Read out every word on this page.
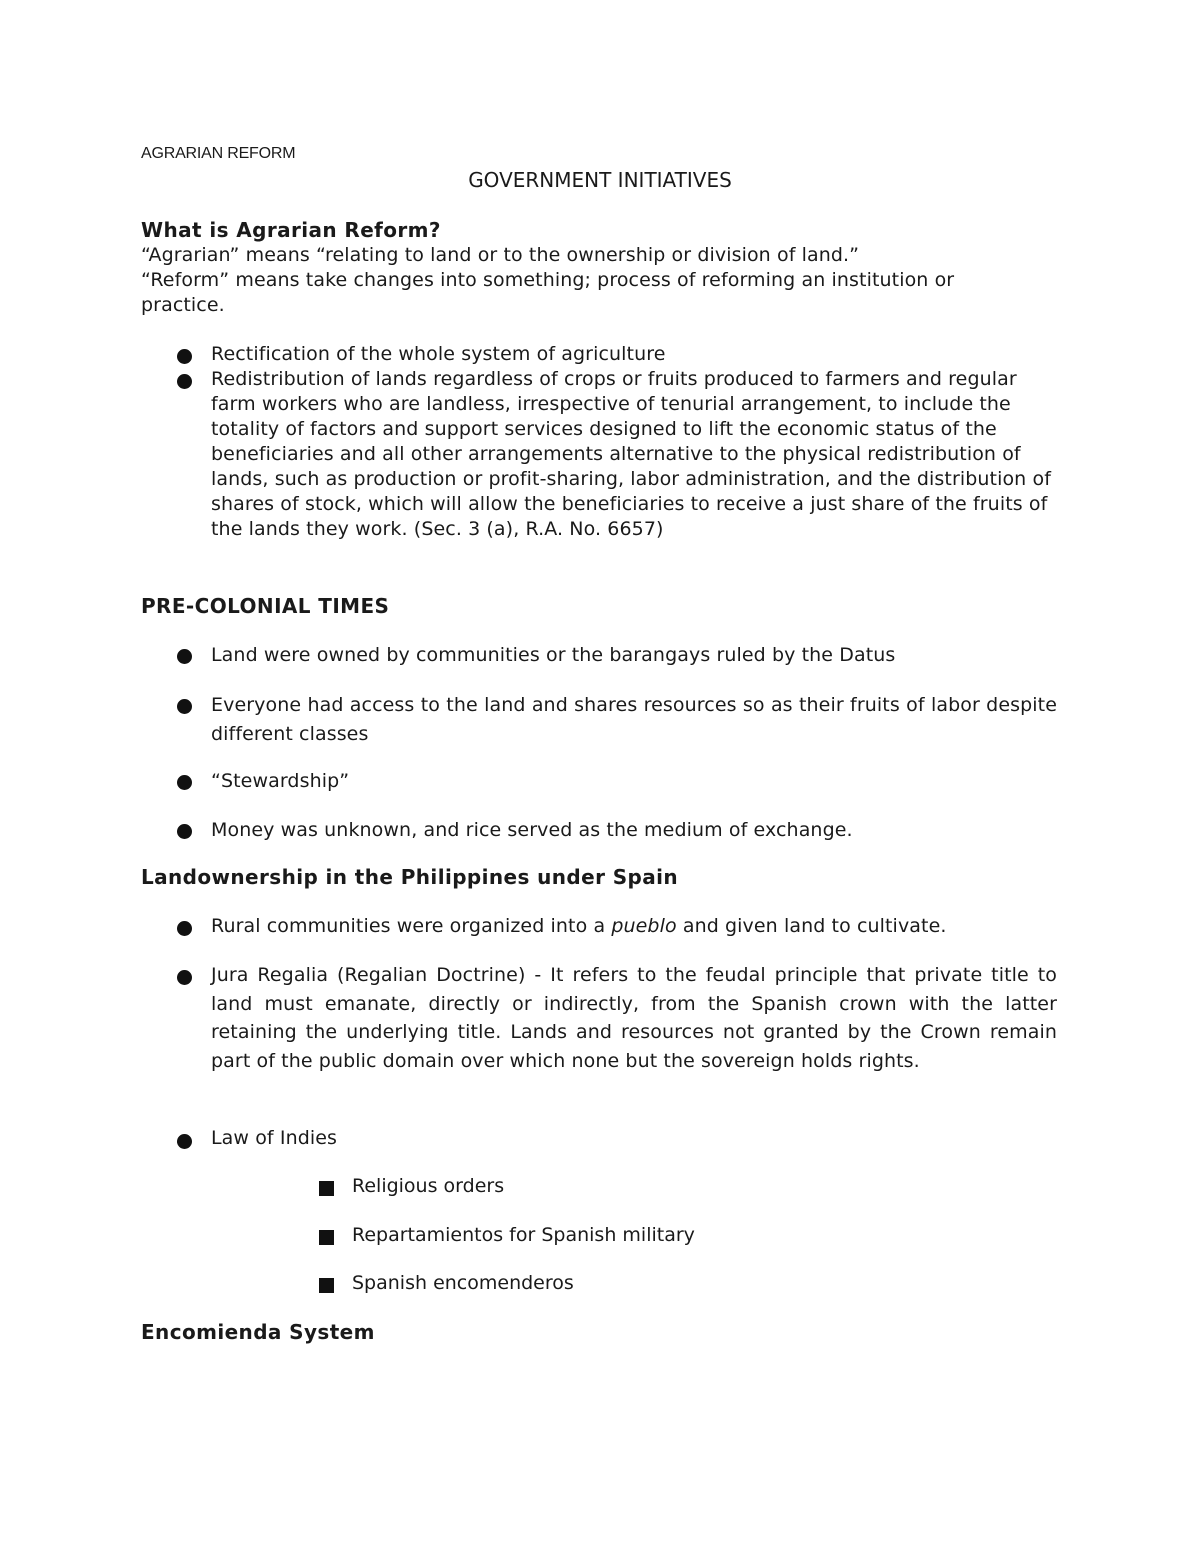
AGRARIAN REFORM
GOVERNMENT INITIATIVES
What is Agrarian Reform?
“Agrarian” means “relating to land or to the ownership or division of land.”
“Reform” means take changes into something; process of reforming an institution or
practice.
Rectification of the whole system of agriculture
Redistribution of lands regardless of crops or fruits produced to farmers and regular farm workers who are landless, irrespective of tenurial arrangement, to include the totality of factors and support services designed to lift the economic status of the beneficiaries and all other arrangements alternative to the physical redistribution of lands, such as production or profit-sharing, labor administration, and the distribution of shares of stock, which will allow the beneficiaries to receive a just share of the fruits of the lands they work. (Sec. 3 (a), R.A. No. 6657)
PRE-COLONIAL TIMES
Land were owned by communities or the barangays ruled by the Datus
Everyone had access to the land and shares resources so as their fruits of labor despite different classes
“Stewardship”
Money was unknown, and rice served as the medium of exchange.
Landownership in the Philippines under Spain
Rural communities were organized into a pueblo and given land to cultivate.
Jura Regalia (Regalian Doctrine) - It refers to the feudal principle that private title to land must emanate, directly or indirectly, from the Spanish crown with the latter retaining the underlying title. Lands and resources not granted by the Crown remain part of the public domain over which none but the sovereign holds rights.
Law of Indies
Religious orders
Repartamientos for Spanish military
Spanish encomenderos
Encomienda System
